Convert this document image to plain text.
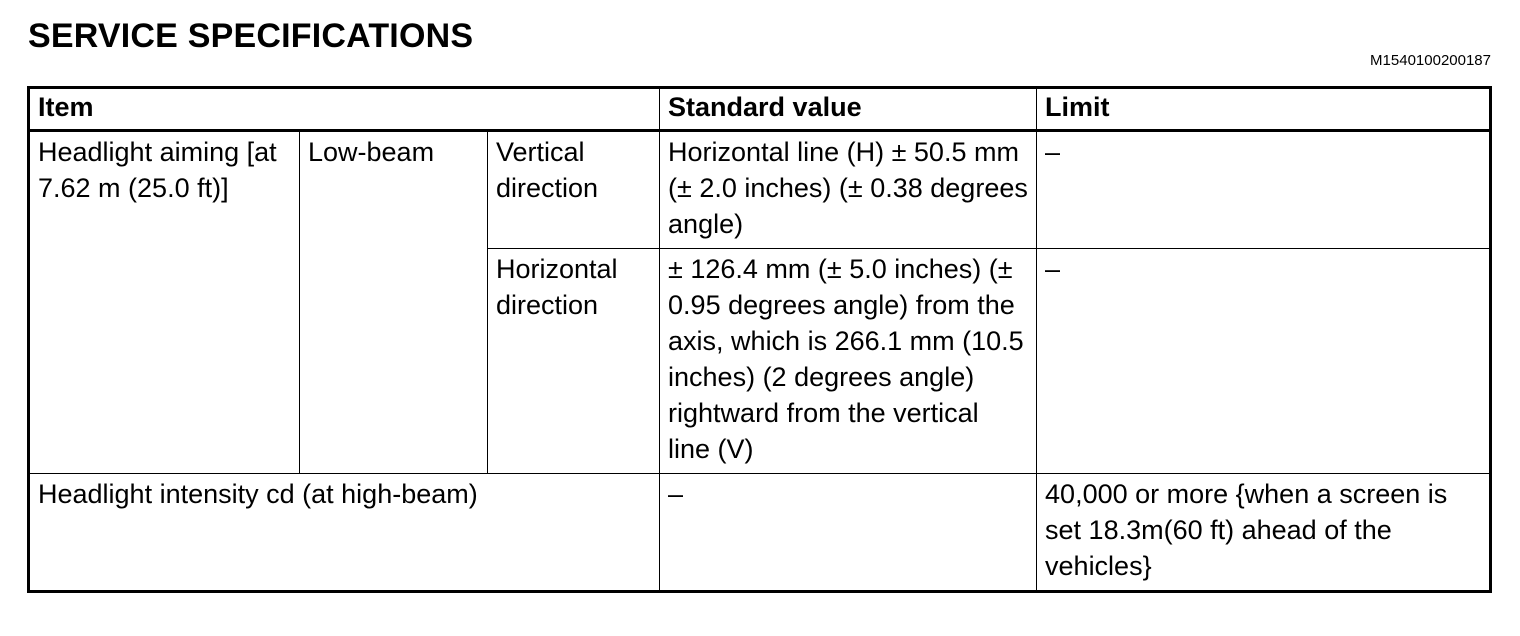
SERVICE SPECIFICATIONS
M1540100200187
Item			Standard value	Limit
Headlight aiming [at 7.62 m (25.0 ft)]	Low-beam	Vertical direction	Horizontal line (H) ± 50.5 mm (± 2.0 inches) (± 0.38 degrees angle)	–
		Horizontal direction	± 126.4 mm (± 5.0 inches) (± 0.95 degrees angle) from the axis, which is 266.1 mm (10.5 inches) (2 degrees angle) rightward from the vertical line (V)	–
Headlight intensity cd (at high-beam)			–	40,000 or more {when a screen is set 18.3m(60 ft) ahead of the vehicles}
